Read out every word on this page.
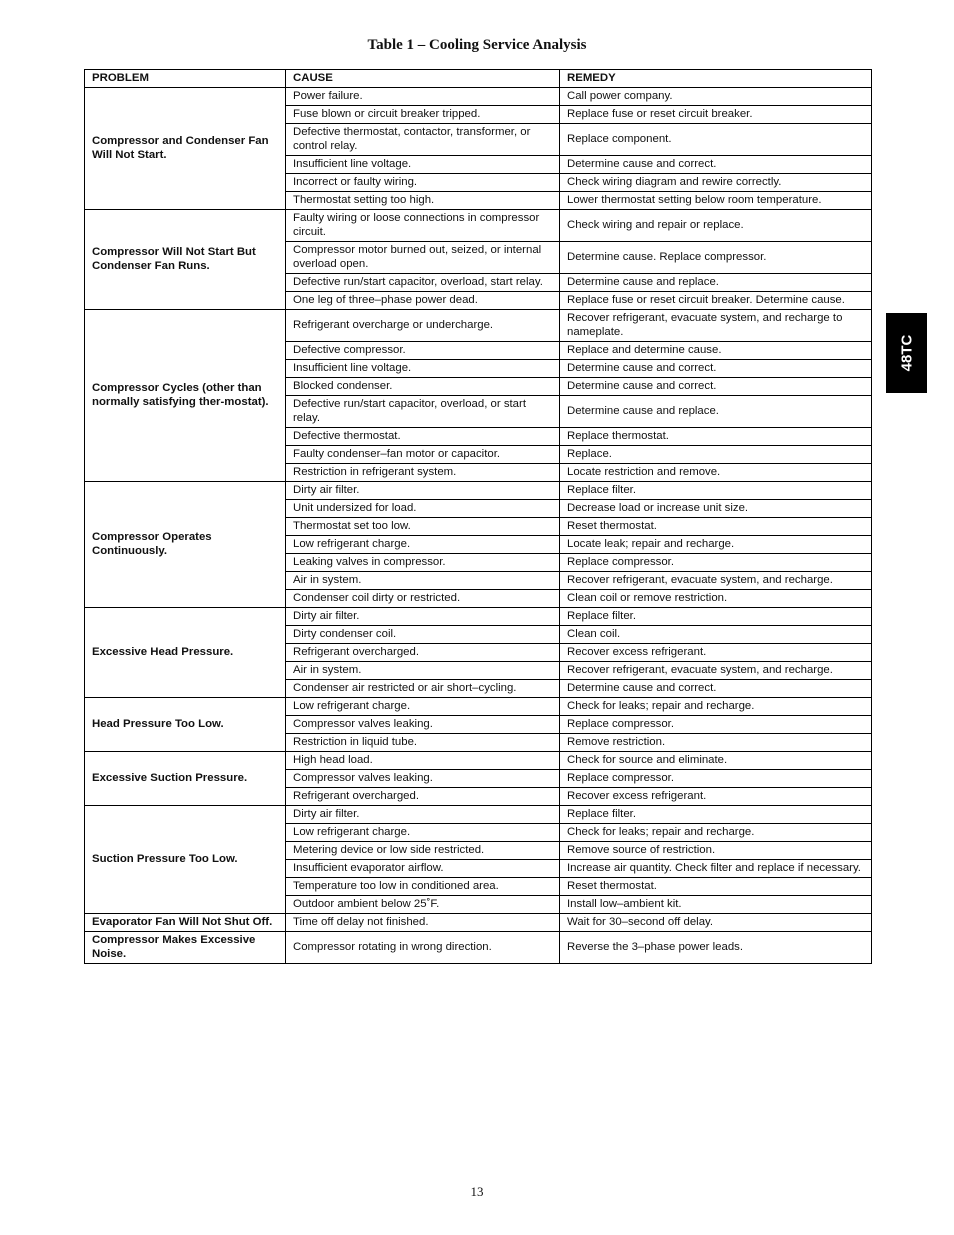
Table 1 – Cooling Service Analysis
PROBLEM	CAUSE	REMEDY
Compressor and Condenser Fan Will Not Start.	Power failure.	Call power company.
	Fuse blown or circuit breaker tripped.	Replace fuse or reset circuit breaker.
	Defective thermostat, contactor, transformer, or control relay.	Replace component.
	Insufficient line voltage.	Determine cause and correct.
	Incorrect or faulty wiring.	Check wiring diagram and rewire correctly.
	Thermostat setting too high.	Lower thermostat setting below room temperature.
Compressor Will Not Start But Condenser Fan Runs.	Faulty wiring or loose connections in compressor circuit.	Check wiring and repair or replace.
	Compressor motor burned out, seized, or internal overload open.	Determine cause. Replace compressor.
	Defective run/start capacitor, overload, start relay.	Determine cause and replace.
	One leg of three–phase power dead.	Replace fuse or reset circuit breaker. Determine cause.
Compressor Cycles (other than normally satisfying ther-mostat).	Refrigerant overcharge or undercharge.	Recover refrigerant, evacuate system, and recharge to nameplate.
	Defective compressor.	Replace and determine cause.
	Insufficient line voltage.	Determine cause and correct.
	Blocked condenser.	Determine cause and correct.
	Defective run/start capacitor, overload, or start relay.	Determine cause and replace.
	Defective thermostat.	Replace thermostat.
	Faulty condenser–fan motor or capacitor.	Replace.
	Restriction in refrigerant system.	Locate restriction and remove.
Compressor Operates Continuously.	Dirty air filter.	Replace filter.
	Unit undersized for load.	Decrease load or increase unit size.
	Thermostat set too low.	Reset thermostat.
	Low refrigerant charge.	Locate leak; repair and recharge.
	Leaking valves in compressor.	Replace compressor.
	Air in system.	Recover refrigerant, evacuate system, and recharge.
	Condenser coil dirty or restricted.	Clean coil or remove restriction.
Excessive Head Pressure.	Dirty air filter.	Replace filter.
	Dirty condenser coil.	Clean coil.
	Refrigerant overcharged.	Recover excess refrigerant.
	Air in system.	Recover refrigerant, evacuate system, and recharge.
	Condenser air restricted or air short–cycling.	Determine cause and correct.
Head Pressure Too Low.	Low refrigerant charge.	Check for leaks; repair and recharge.
	Compressor valves leaking.	Replace compressor.
	Restriction in liquid tube.	Remove restriction.
Excessive Suction Pressure.	High head load.	Check for source and eliminate.
	Compressor valves leaking.	Replace compressor.
	Refrigerant overcharged.	Recover excess refrigerant.
Suction Pressure Too Low.	Dirty air filter.	Replace filter.
	Low refrigerant charge.	Check for leaks; repair and recharge.
	Metering device or low side restricted.	Remove source of restriction.
	Insufficient evaporator airflow.	Increase air quantity. Check filter and replace if necessary.
	Temperature too low in conditioned area.	Reset thermostat.
	Outdoor ambient below 25˚F.	Install low–ambient kit.
Evaporator Fan Will Not Shut Off.	Time off delay not finished.	Wait for 30–second off delay.
Compressor Makes Excessive Noise.	Compressor rotating in wrong direction.	Reverse the 3–phase power leads.
48TC
13
